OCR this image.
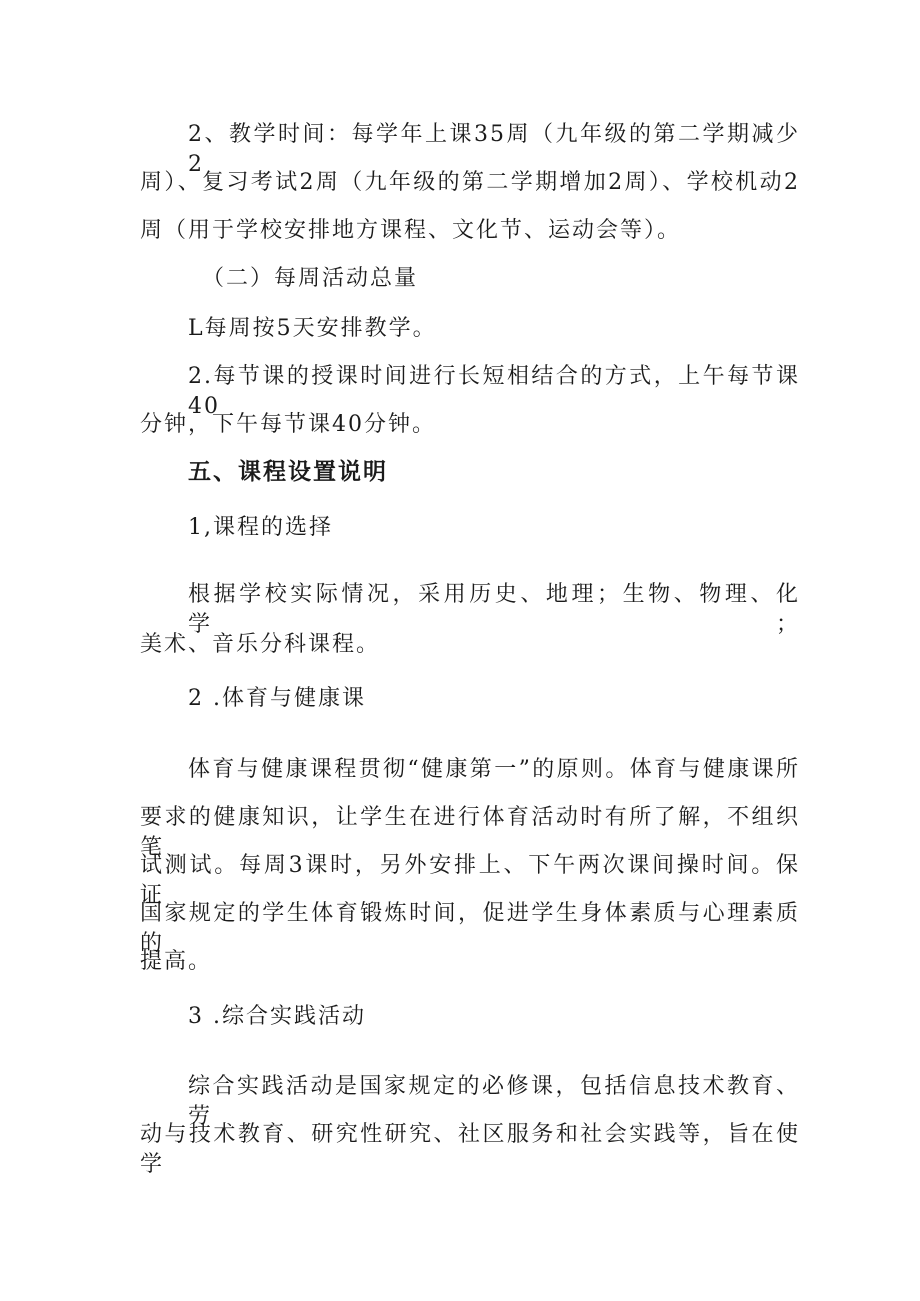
2、教学时间：每学年上课35周（九年级的第二学期减少2
周）、复习考试2周（九年级的第二学期增加2周）、学校机动2
周（用于学校安排地方课程、文化节、运动会等）。
（二）每周活动总量
L每周按5天安排教学。
2.每节课的授课时间进行长短相结合的方式，上午每节课40
分钟，下午每节课40分钟。
五、课程设置说明
1,课程的选择
根据学校实际情况，采用历史、地理；生物、物理、化学；
美术、音乐分科课程。
2 .体育与健康课
体育与健康课程贯彻“健康第一”的原则。体育与健康课所
要求的健康知识，让学生在进行体育活动时有所了解，不组织笔
试测试。每周3课时，另外安排上、下午两次课间操时间。保证
国家规定的学生体育锻炼时间，促进学生身体素质与心理素质的
提高。
3 .综合实践活动
综合实践活动是国家规定的必修课，包括信息技术教育、劳
动与技术教育、研究性研究、社区服务和社会实践等，旨在使学
